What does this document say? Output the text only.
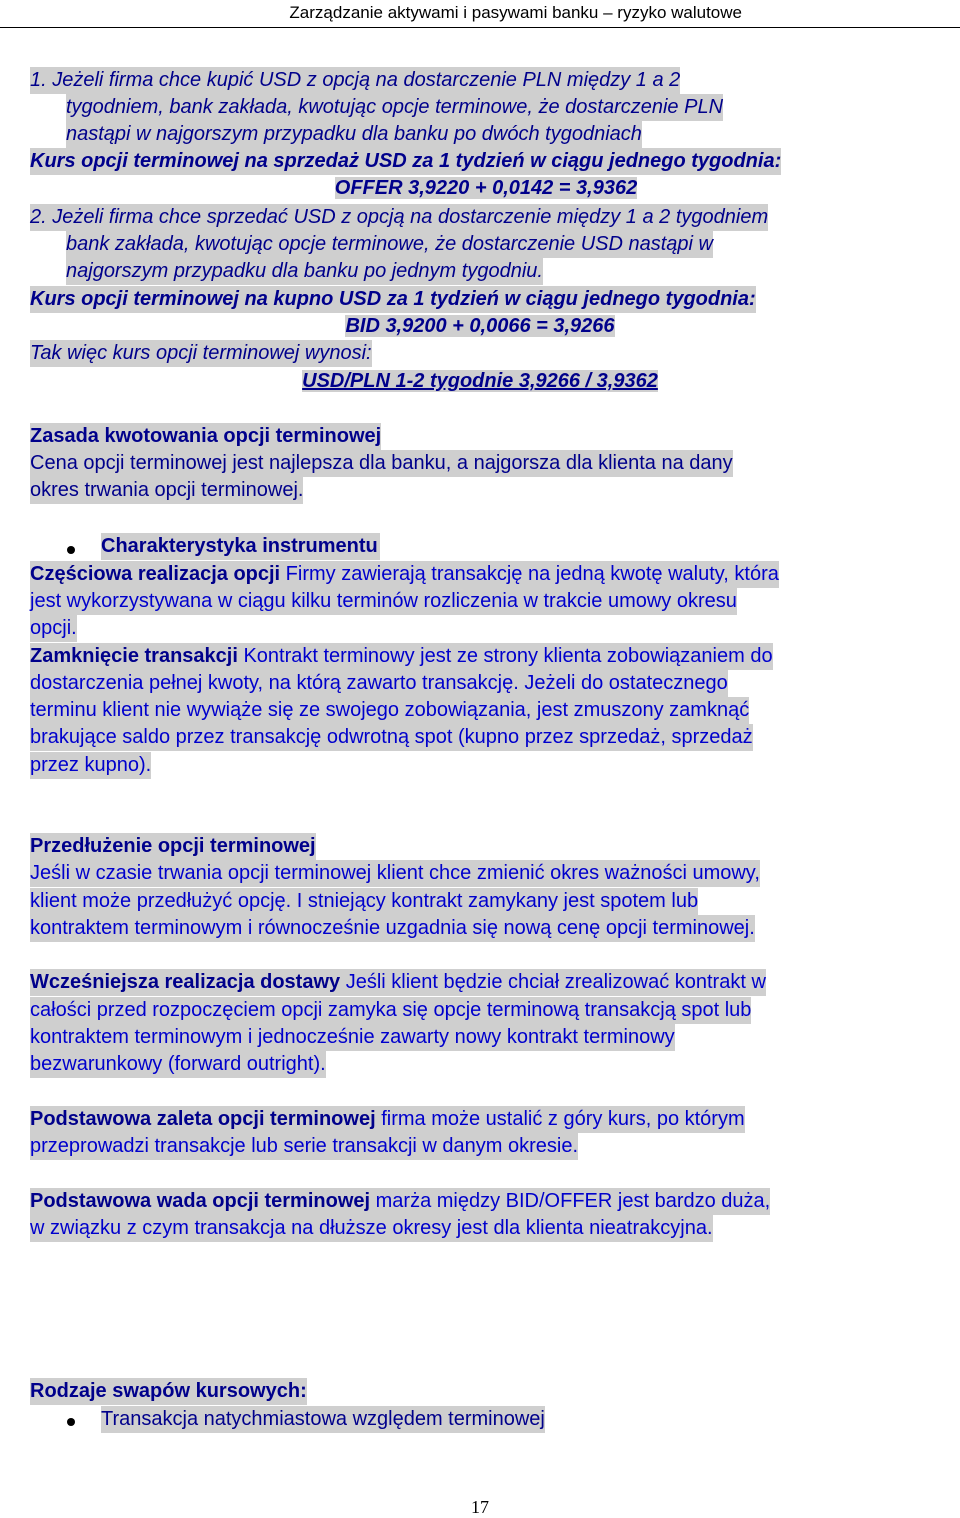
Zarządzanie aktywami i pasywami banku – ryzyko walutowe

1. Jeżeli firma chce kupić USD z opcją na dostarczenie PLN między 1 a 2

tygodniem, bank zakłada, kwotując opcje terminowe, że dostarczenie PLN

nastąpi w najgorszym przypadku dla banku po dwóch tygodniach

Kurs opcji terminowej na sprzedaż USD za 1 tydzień w ciągu jednego tygodnia:

OFFER 3,9220 + 0,0142 = 3,9362

2. Jeżeli firma chce sprzedać USD z opcją na dostarczenie między 1 a 2 tygodniem

bank zakłada, kwotując opcje terminowe, że dostarczenie USD nastąpi w

najgorszym przypadku dla banku po jednym tygodniu.

Kurs opcji terminowej na kupno USD za 1 tydzień w ciągu jednego tygodnia:

BID 3,9200 + 0,0066 = 3,9266

Tak więc kurs opcji terminowej wynosi:

USD/PLN 1-2 tygodnie 3,9266 / 3,9362

Zasada kwotowania opcji terminowej

Cena opcji terminowej jest najlepsza dla banku, a najgorsza dla klienta na dany

okres trwania opcji terminowej.

Charakterystyka instrumentu

Częściowa realizacja opcji Firmy zawierają transakcję na jedną kwotę waluty, która

jest wykorzystywana w ciągu kilku terminów rozliczenia w trakcie umowy okresu

opcji.

Zamknięcie transakcji Kontrakt terminowy jest ze strony klienta zobowiązaniem do

dostarczenia pełnej kwoty, na którą zawarto transakcję. Jeżeli do ostatecznego

terminu klient nie wywiąże się ze swojego zobowiązania, jest zmuszony zamknąć

brakujące saldo przez transakcję odwrotną spot (kupno przez sprzedaż, sprzedaż

przez kupno).

Przedłużenie opcji terminowej

Jeśli w czasie trwania opcji terminowej klient chce zmienić okres ważności umowy,

klient może przedłużyć opcję. I stniejący kontrakt zamykany jest spotem lub

kontraktem terminowym i równocześnie uzgadnia się nową cenę opcji terminowej.

Wcześniejsza realizacja dostawy Jeśli klient będzie chciał zrealizować kontrakt w

całości przed rozpoczęciem opcji zamyka się opcje terminową transakcją spot lub

kontraktem terminowym i jednocześnie zawarty nowy kontrakt terminowy

bezwarunkowy (forward outright).

Podstawowa zaleta opcji terminowej firma może ustalić z góry kurs, po którym

przeprowadzi transakcje lub serie transakcji w danym okresie.

Podstawowa wada opcji terminowej marża między BID/OFFER jest bardzo duża,

w związku z czym transakcja na dłuższe okresy jest dla klienta nieatrakcyjna.

Rodzaje swapów kursowych:

Transakcja natychmiastowa względem terminowej

17
